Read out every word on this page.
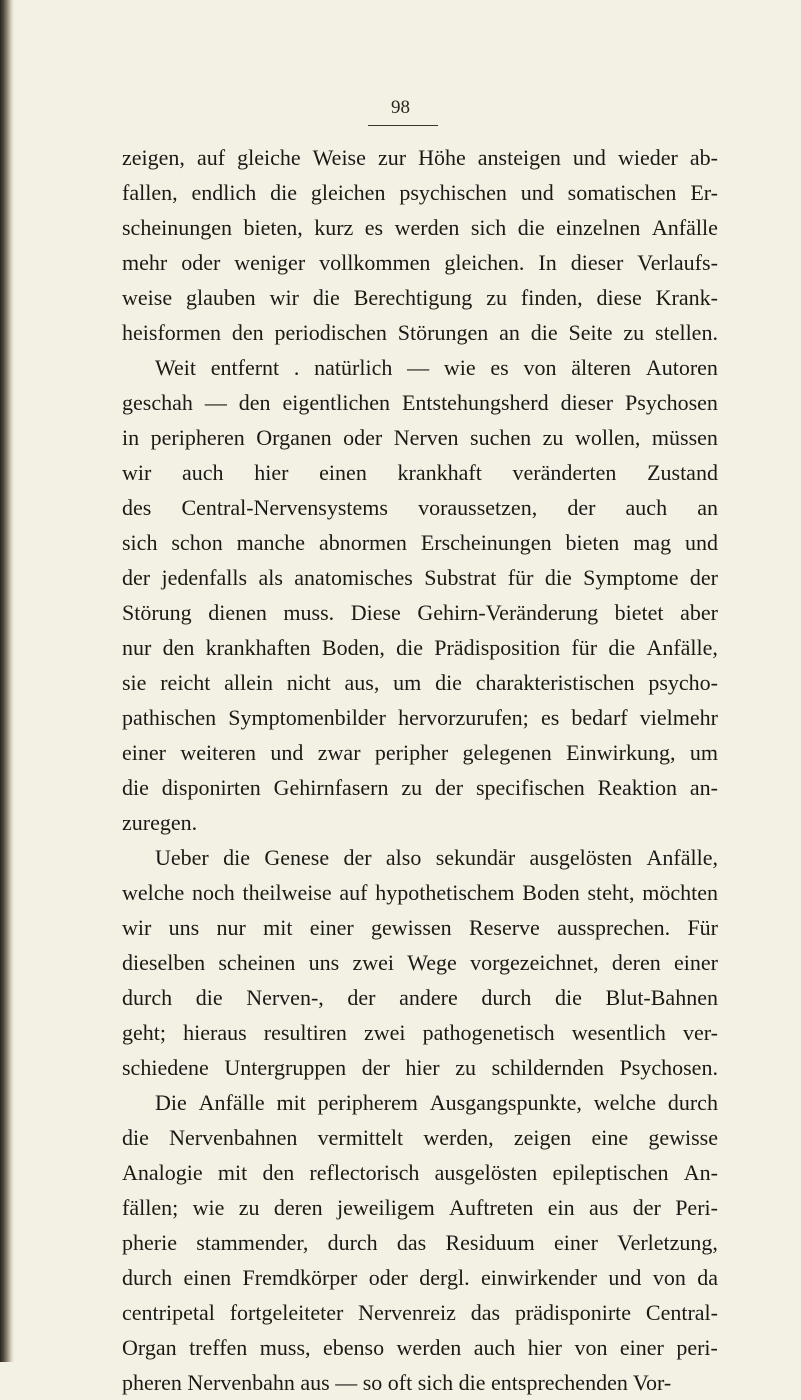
98
zeigen, auf gleiche Weise zur Höhe ansteigen und wieder ab-
fallen, endlich die gleichen psychischen und somatischen Er-
scheinungen bieten, kurz es werden sich die einzelnen Anfälle
mehr oder weniger vollkommen gleichen. In dieser Verlaufs-
weise glauben wir die Berechtigung zu finden, diese Krank-
heisformen den periodischen Störungen an die Seite zu stellen.
Weit entfernt . natürlich — wie es von älteren Autoren
geschah — den eigentlichen Entstehungsherd dieser Psychosen
in peripheren Organen oder Nerven suchen zu wollen, müssen
wir auch hier einen krankhaft veränderten Zustand
des Central-Nervensystems voraussetzen, der auch an
sich schon manche abnormen Erscheinungen bieten mag und
der jedenfalls als anatomisches Substrat für die Symptome der
Störung dienen muss. Diese Gehirn-Veränderung bietet aber
nur den krankhaften Boden, die Prädisposition für die Anfälle,
sie reicht allein nicht aus, um die charakteristischen psycho-
pathischen Symptomenbilder hervorzurufen; es bedarf vielmehr
einer weiteren und zwar peripher gelegenen Einwirkung, um
die disponirten Gehirnfasern zu der specifischen Reaktion an-
zuregen.
Ueber die Genese der also sekundär ausgelösten Anfälle,
welche noch theilweise auf hypothetischem Boden steht, möchten
wir uns nur mit einer gewissen Reserve aussprechen. Für
dieselben scheinen uns zwei Wege vorgezeichnet, deren einer
durch die Nerven-, der andere durch die Blut-Bahnen
geht; hieraus resultiren zwei pathogenetisch wesentlich ver-
schiedene Untergruppen der hier zu schildernden Psychosen.
Die Anfälle mit peripherem Ausgangspunkte, welche durch
die Nervenbahnen vermittelt werden, zeigen eine gewisse
Analogie mit den reflectorisch ausgelösten epileptischen An-
fällen; wie zu deren jeweiligem Auftreten ein aus der Peri-
pherie stammender, durch das Residuum einer Verletzung,
durch einen Fremdkörper oder dergl. einwirkender und von da
centripetal fortgeleiteter Nervenreiz das prädisponirte Central-
Organ treffen muss, ebenso werden auch hier von einer peri-
pheren Nervenbahn aus — so oft sich die entsprechenden Vor-
